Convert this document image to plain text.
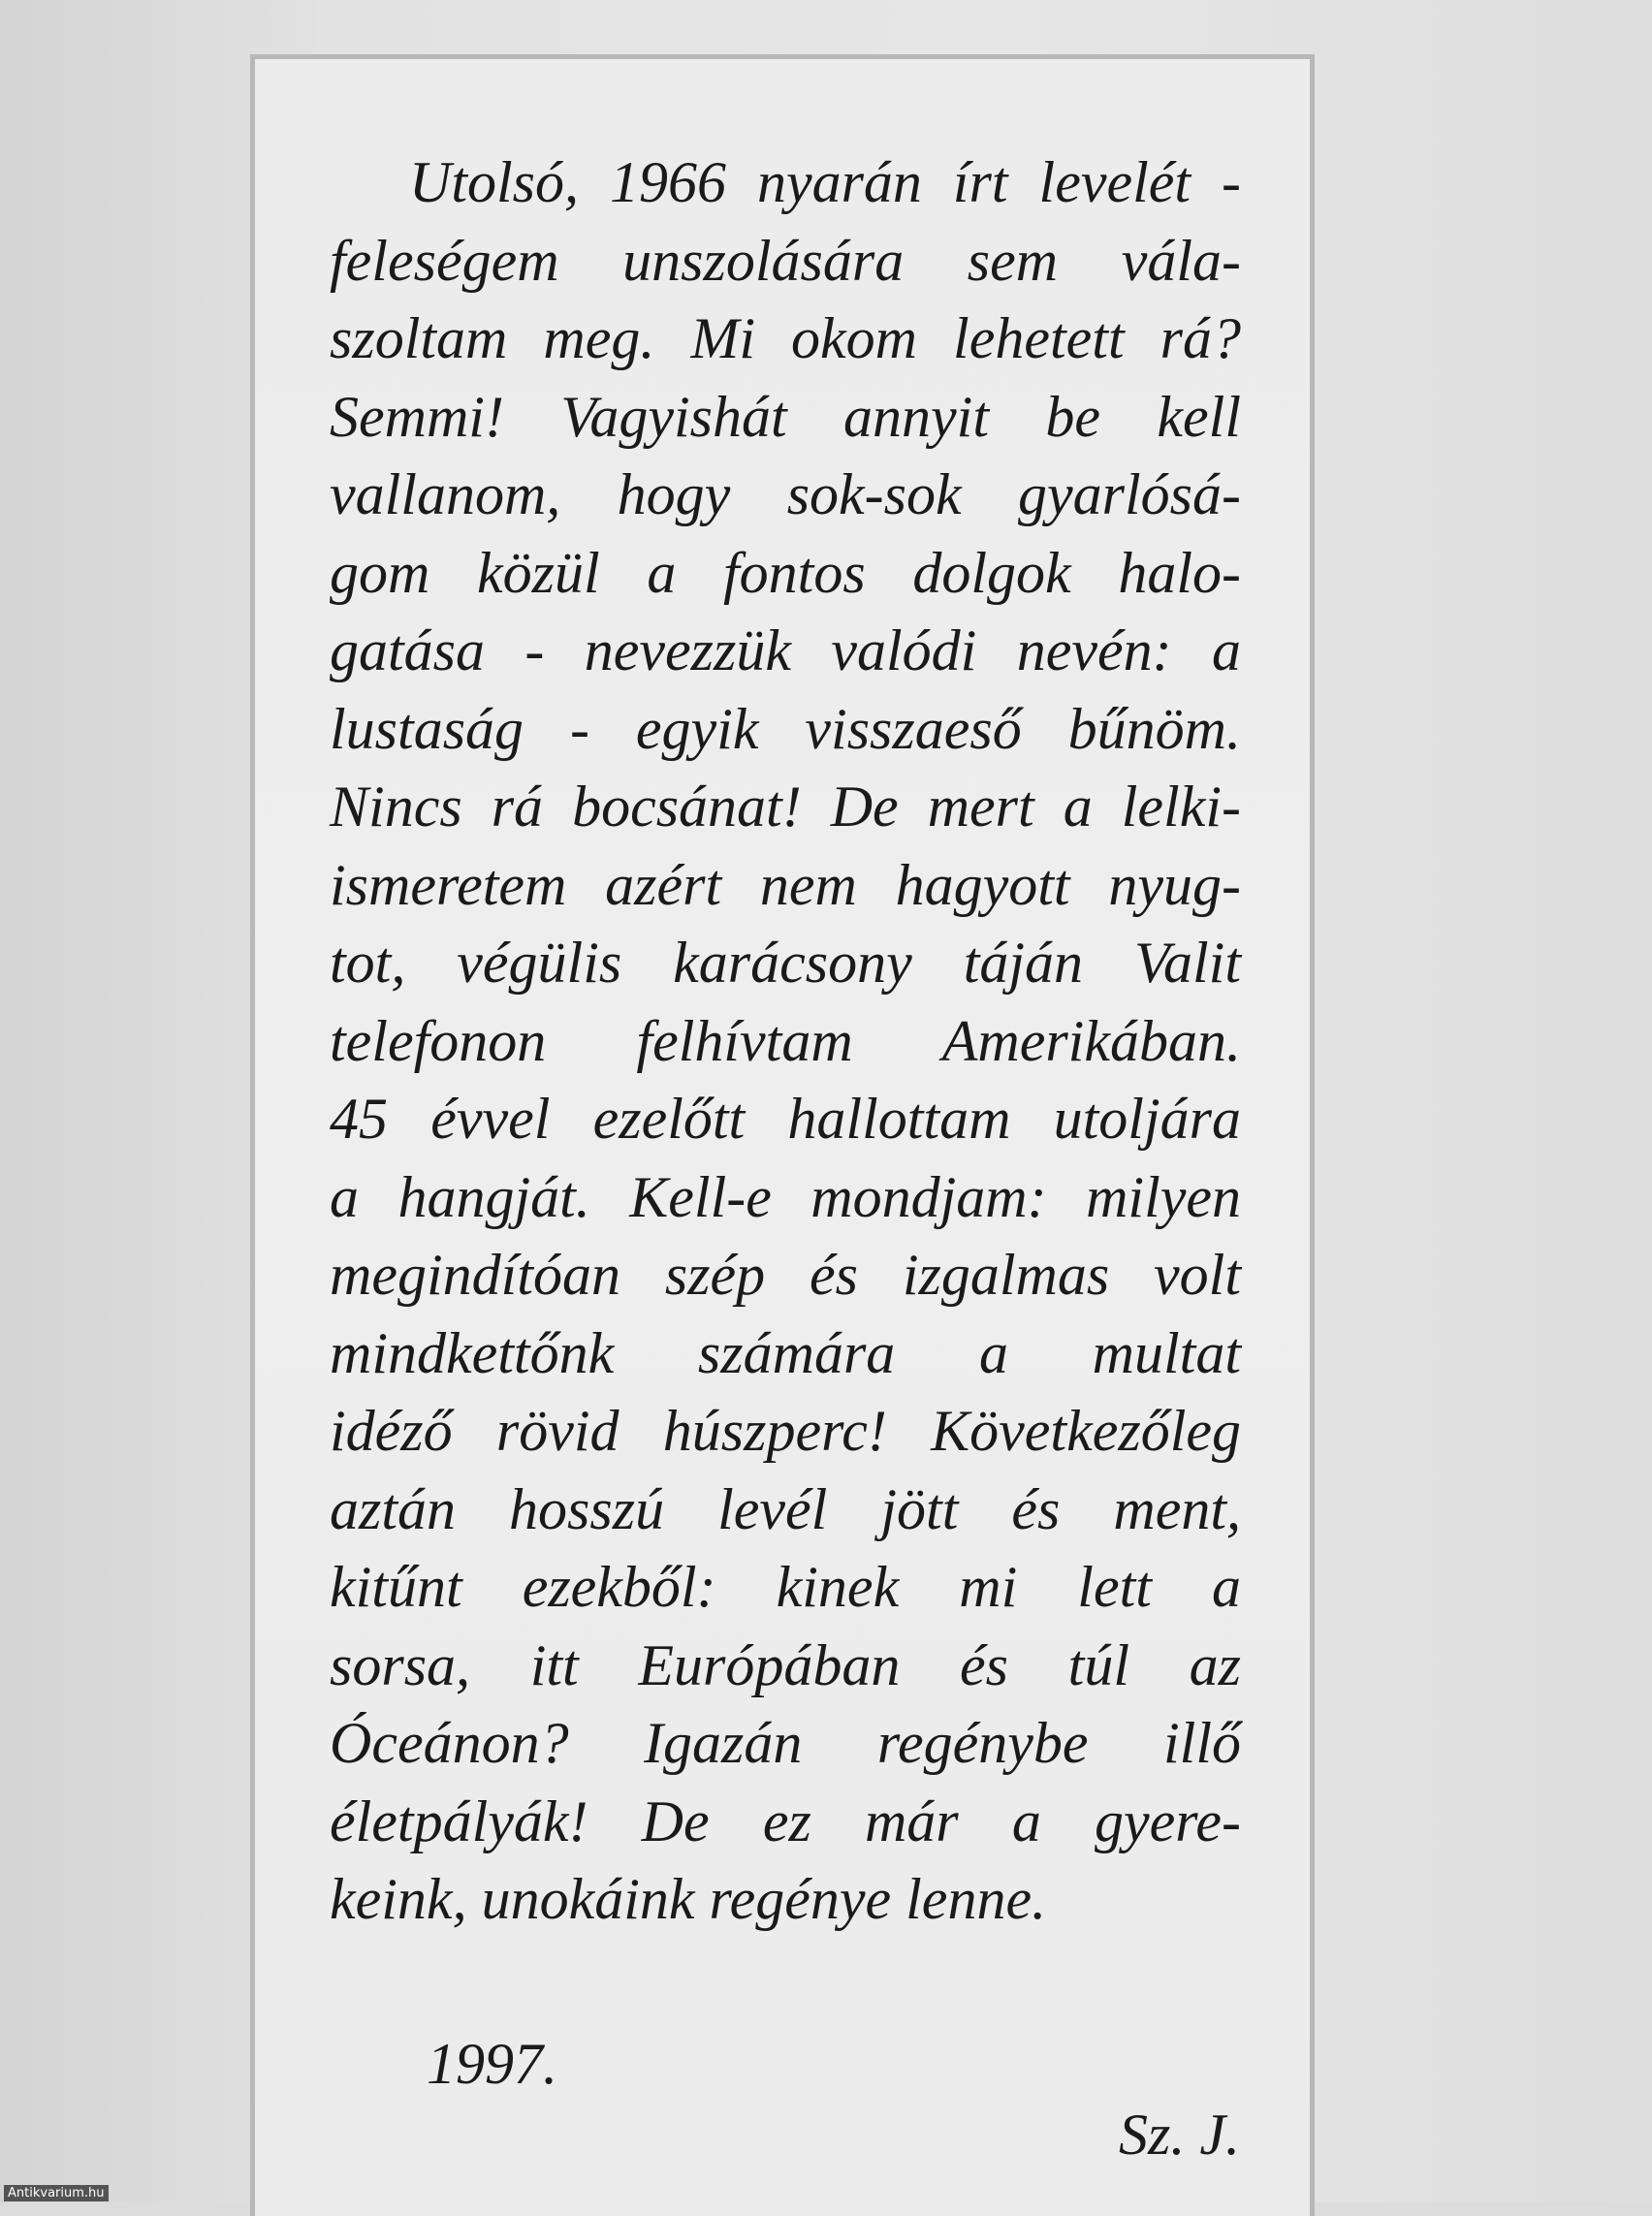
Utolsó, 1966 nyarán írt levelét -
feleségem unszolására sem vála-
szoltam meg. Mi okom lehetett rá?
Semmi! Vagyishát annyit be kell
vallanom, hogy sok-sok gyarlósá-
gom közül a fontos dolgok halo-
gatása - nevezzük valódi nevén: a
lustaság - egyik visszaeső bűnöm.
Nincs rá bocsánat! De mert a lelki-
ismeretem azért nem hagyott nyug-
tot, végülis karácsony táján Valit
telefonon felhívtam Amerikában.
45 évvel ezelőtt hallottam utoljára
a hangját. Kell-e mondjam: milyen
megindítóan szép és izgalmas volt
mindkettőnk számára a multat
idéző rövid húszperc! Következőleg
aztán hosszú levél jött és ment,
kitűnt ezekből: kinek mi lett a
sorsa, itt Európában és túl az
Óceánon? Igazán regénybe illő
életpályák! De ez már a gyere-
keink, unokáink regénye lenne.
1997.
Sz. J.
Antikvarium.hu
